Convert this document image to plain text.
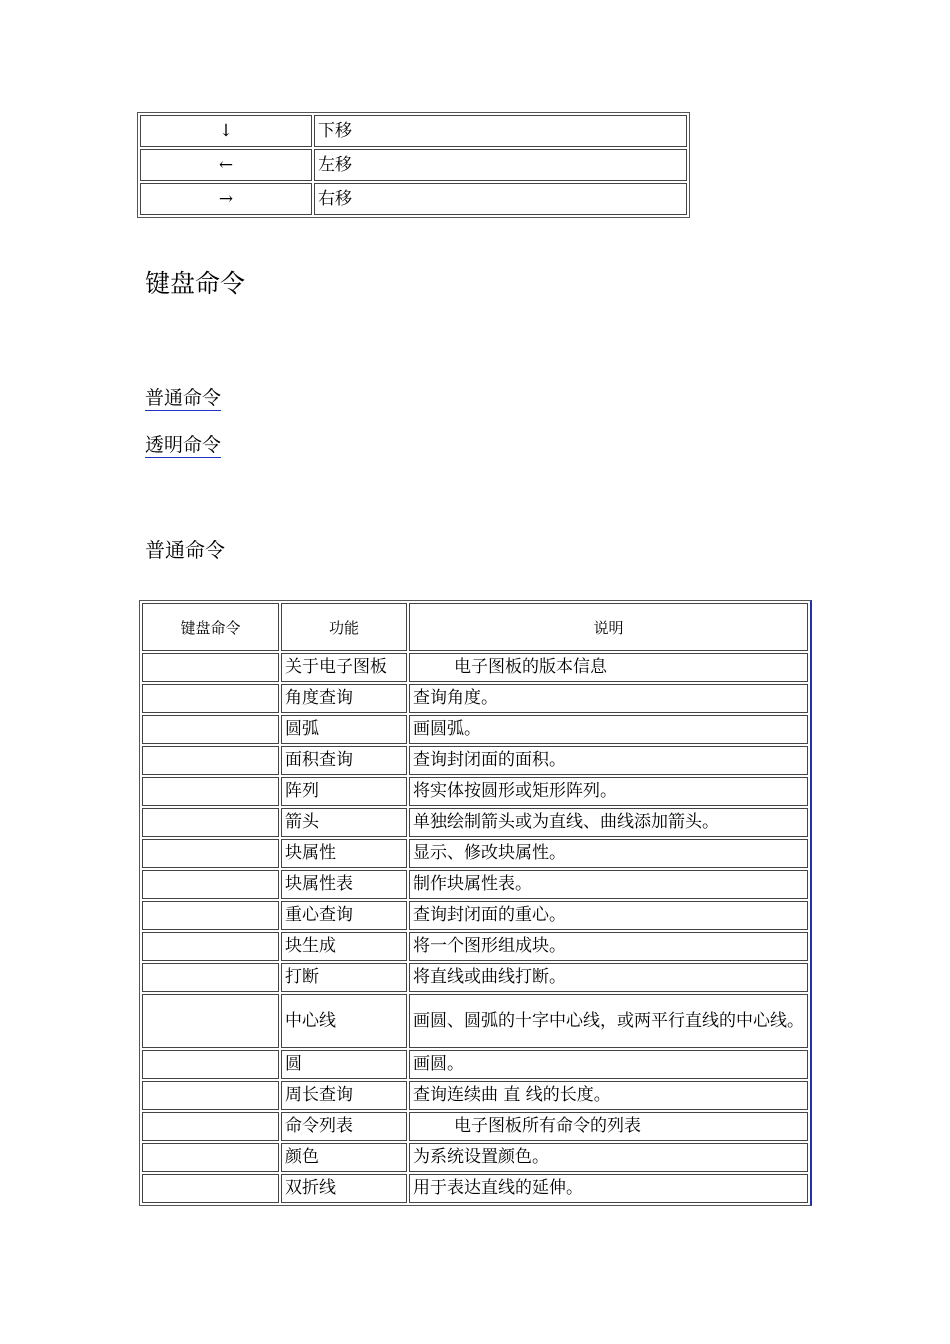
↓	下移
←	左移
→	右移
键盘命令
普通命令
透明命令
普通命令
键盘命令	功能	说明
	关于电子图板	电子图板的版本信息
	角度查询	查询角度。
	圆弧	画圆弧。
	面积查询	查询封闭面的面积。
	阵列	将实体按圆形或矩形阵列。
	箭头	单独绘制箭头或为直线、曲线添加箭头。
	块属性	显示、修改块属性。
	块属性表	制作块属性表。
	重心查询	查询封闭面的重心。
	块生成	将一个图形组成块。
	打断	将直线或曲线打断。
	中心线	画圆、圆弧的十字中心线，或两平行直线的中心线。
	圆	画圆。
	周长查询	查询连续曲 直 线的长度。
	命令列表	电子图板所有命令的列表
	颜色	为系统设置颜色。
	双折线	用于表达直线的延伸。
